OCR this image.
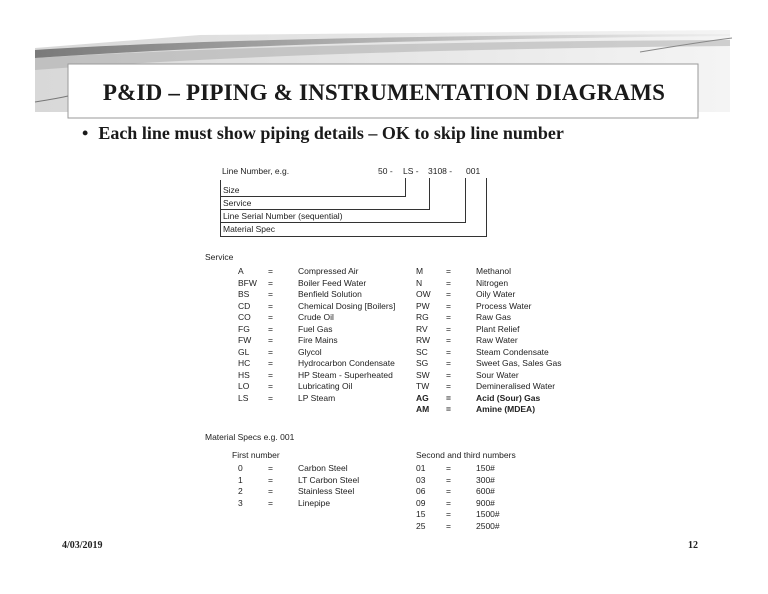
P&ID – PIPING & INSTRUMENTATION DIAGRAMS
• Each line must show piping details – OK to skip line number
Line Number, e.g.	50 - LS - 3108 - 001
Size
Service
Line Serial Number (sequential)
Material Spec
Service
A	=	Compressed Air
BFW =	Boiler Feed Water
BS =	Benfield Solution
CD =	Chemical Dosing [Boilers]
CO =	Crude Oil
FG =	Fuel Gas
FW =	Fire Mains
GL =	Glycol
HC =	Hydrocarbon Condensate
HS =	HP Steam - Superheated
LO =	Lubricating Oil
LS =	LP Steam
M	=	Methanol
N	=	Nitrogen
OW =	Oily Water
PW =	Process Water
RG =	Raw Gas
RV =	Plant Relief
RW =	Raw Water
SC =	Steam Condensate
SG =	Sweet Gas, Sales Gas
SW =	Sour Water
TW =	Demineralised Water
AG =	Acid (Sour) Gas
AM =	Amine (MDEA)
Material Specs e.g. 001
First number	Second and third numbers
0	=	Carbon Steel
1	=	LT Carbon Steel
2	=	Stainless Steel
3	=	Linepipe
01 =	150#
03 =	300#
06 =	600#
09 =	900#
15 =	1500#
25 =	2500#
4/03/2019	12
